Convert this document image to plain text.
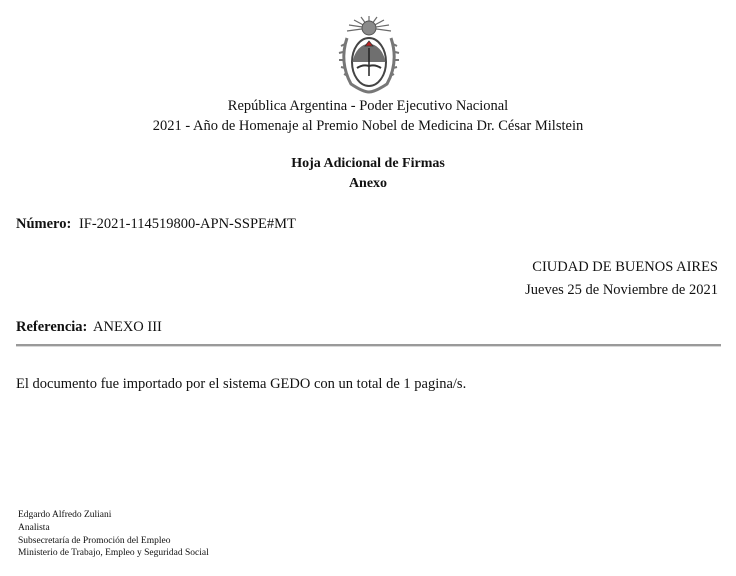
República Argentina - Poder Ejecutivo Nacional
2021 - Año de Homenaje al Premio Nobel de Medicina Dr. César Milstein
Hoja Adicional de Firmas
Anexo
Número: IF-2021-114519800-APN-SSPE#MT
CIUDAD DE BUENOS AIRES
Jueves 25 de Noviembre de 2021
Referencia: ANEXO III
El documento fue importado por el sistema GEDO con un total de 1 pagina/s.
Edgardo Alfredo Zuliani
Analista
Subsecretaría de Promoción del Empleo
Ministerio de Trabajo, Empleo y Seguridad Social
